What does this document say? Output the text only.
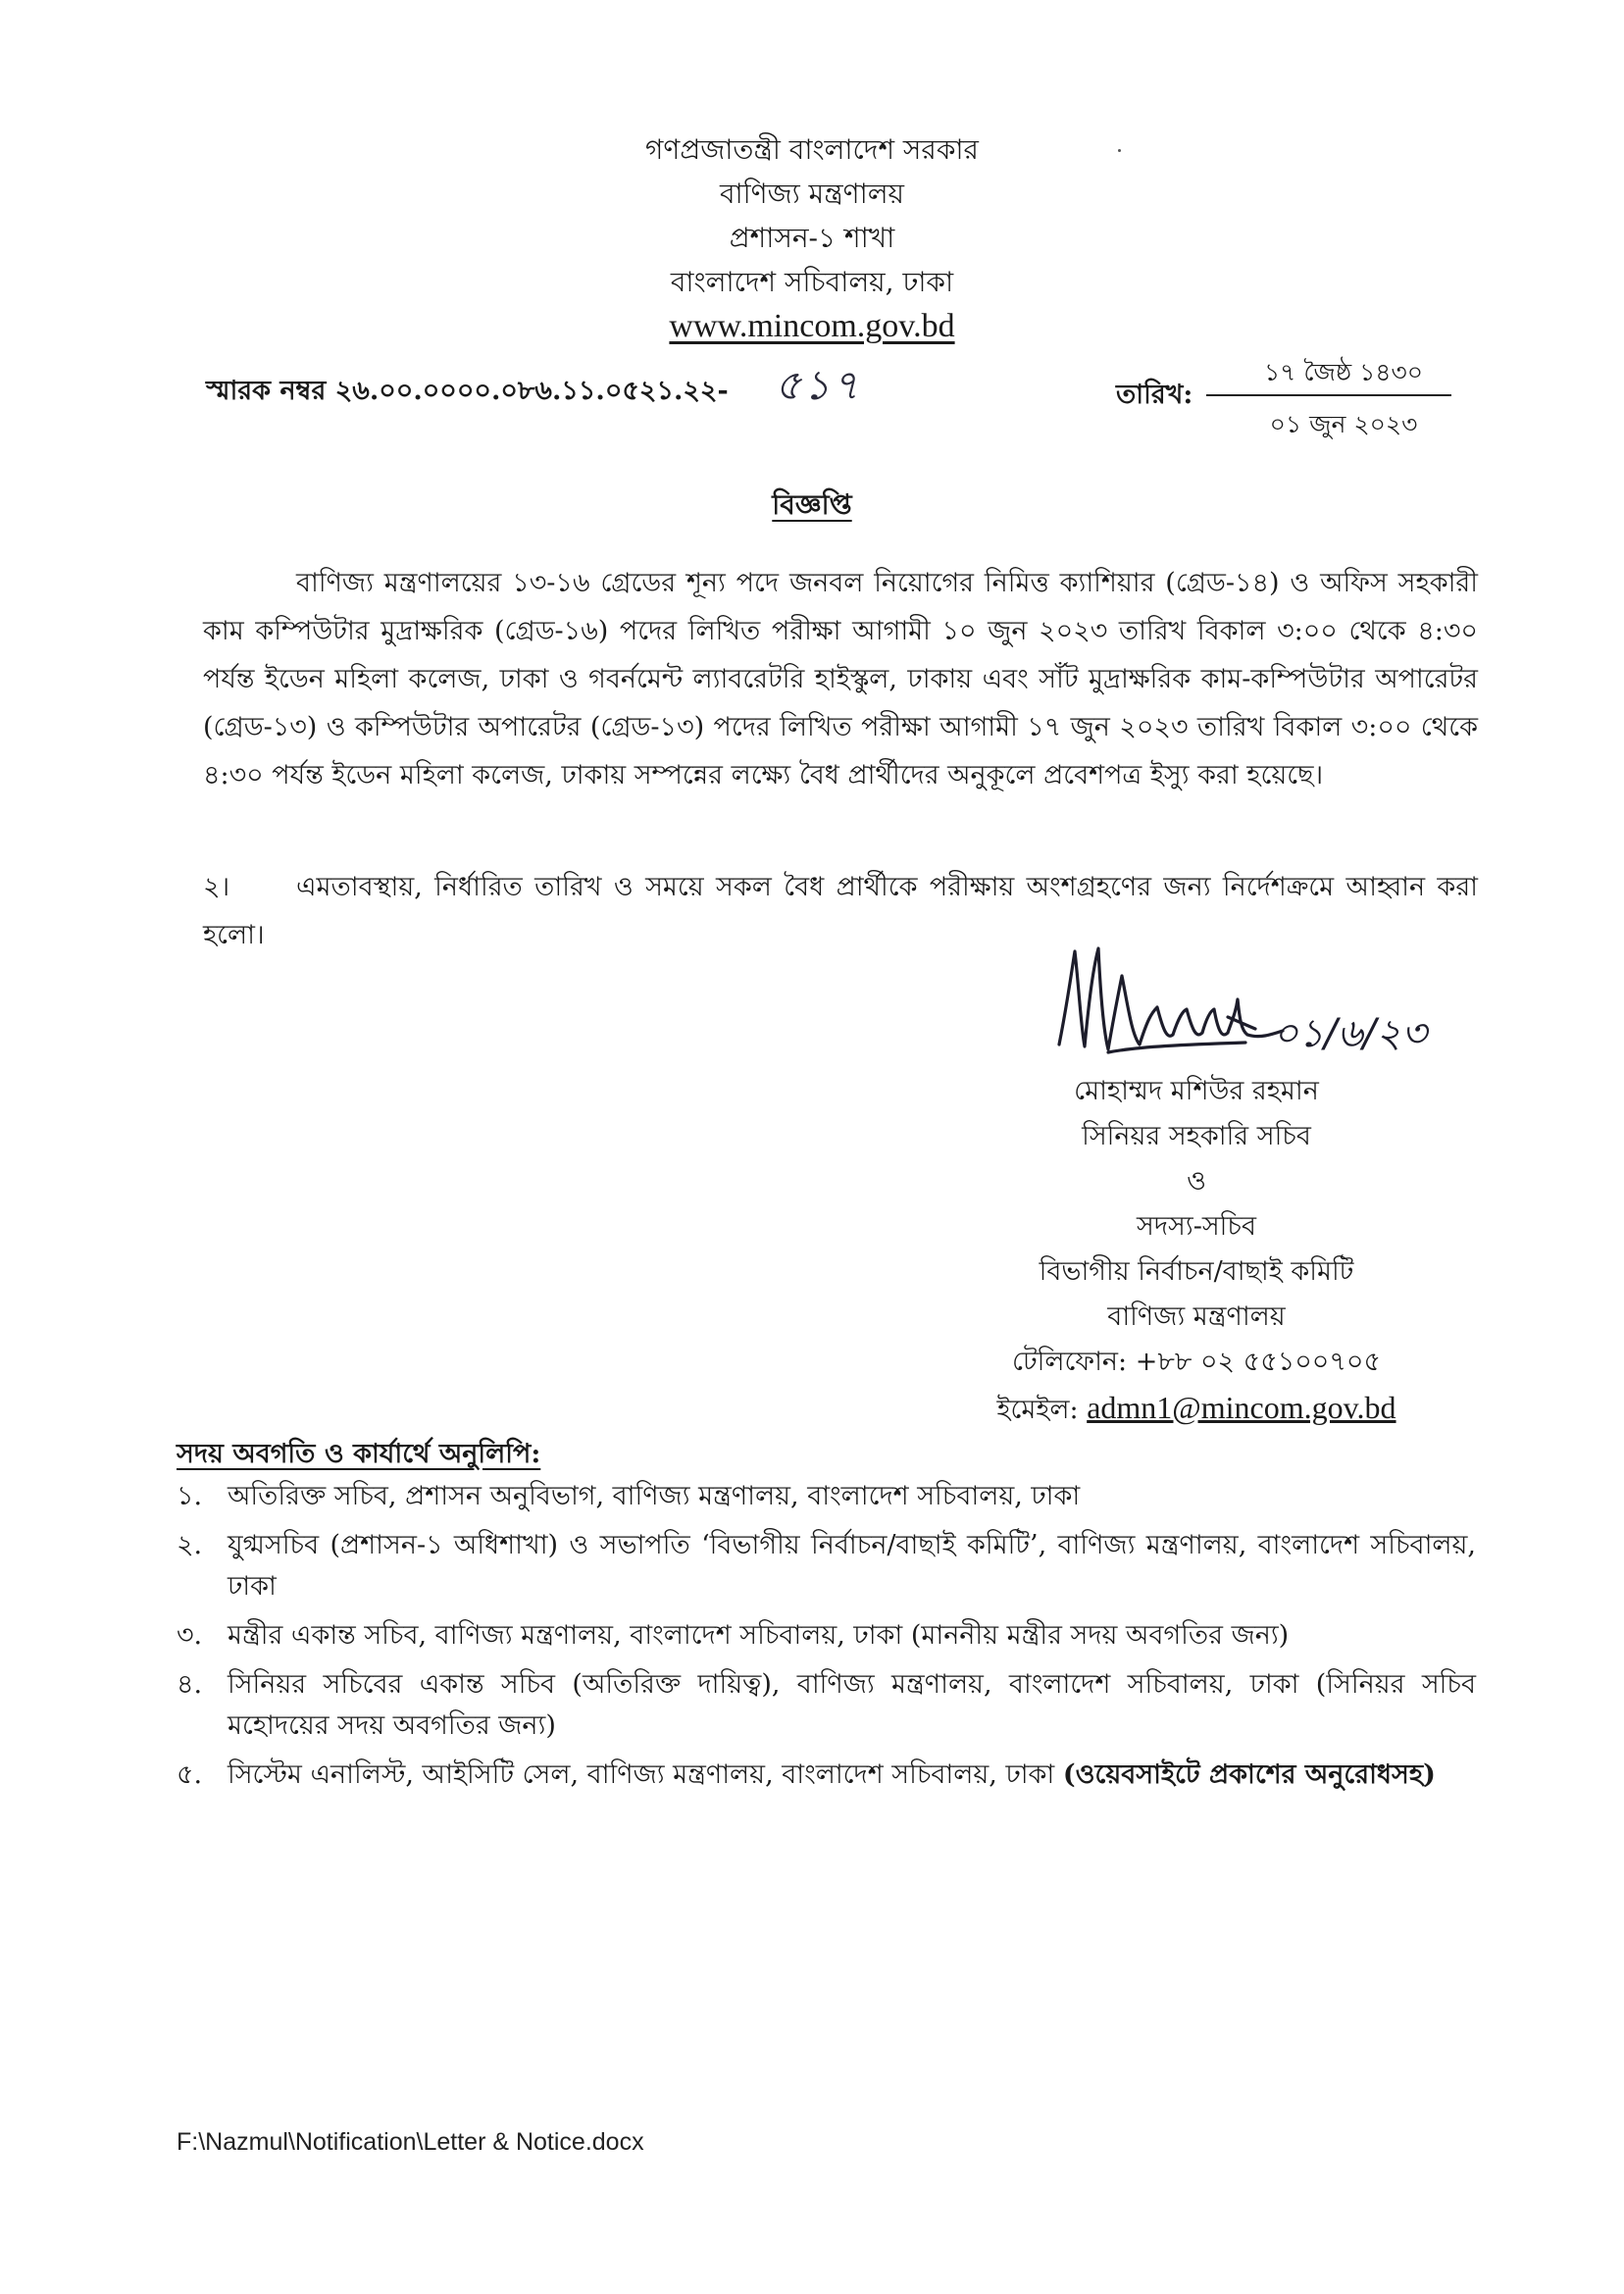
গণপ্রজাতন্ত্রী বাংলাদেশ সরকার
বাণিজ্য মন্ত্রণালয়
প্রশাসন-১ শাখা
বাংলাদেশ সচিবালয়, ঢাকা
www.mincom.gov.bd
স্মারক নম্বর ২৬.০০.০০০০.০৮৬.১১.০৫২১.২২- ৫১৭	তারিখ:
১৭ জৈষ্ঠ ১৪৩০
০১ জুন ২০২৩
বিজ্ঞপ্তি
বাণিজ্য মন্ত্রণালয়ের ১৩-১৬ গ্রেডের শূন্য পদে জনবল নিয়োগের নিমিত্ত ক্যাশিয়ার (গ্রেড-১৪) ও অফিস সহকারী কাম কম্পিউটার মুদ্রাক্ষরিক (গ্রেড-১৬) পদের লিখিত পরীক্ষা আগামী ১০ জুন ২০২৩ তারিখ বিকাল ৩:০০ থেকে ৪:৩০ পর্যন্ত ইডেন মহিলা কলেজ, ঢাকা ও গবর্নমেন্ট ল্যাবরেটরি হাইস্কুল, ঢাকায় এবং সাঁট মুদ্রাক্ষরিক কাম-কম্পিউটার অপারেটর (গ্রেড-১৩) ও কম্পিউটার অপারেটর (গ্রেড-১৩) পদের লিখিত পরীক্ষা আগামী ১৭ জুন ২০২৩ তারিখ বিকাল ৩:০০ থেকে ৪:৩০ পর্যন্ত ইডেন মহিলা কলেজ, ঢাকায় সম্পন্নের লক্ষ্যে বৈধ প্রার্থীদের অনুকূলে প্রবেশপত্র ইস্যু করা হয়েছে।
২।	এমতাবস্থায়, নির্ধারিত তারিখ ও সময়ে সকল বৈধ প্রার্থীকে পরীক্ষায় অংশগ্রহণের জন্য নির্দেশক্রমে আহ্বান করা হলো।
০১/৬/২৩
মোহাম্মদ মশিউর রহমান
সিনিয়র সহকারি সচিব
ও
সদস্য-সচিব
বিভাগীয় নির্বাচন/বাছাই কমিটি
বাণিজ্য মন্ত্রণালয়
টেলিফোন: +৮৮ ০২ ৫৫১০০৭০৫
ইমেইল: admn1@mincom.gov.bd
সদয় অবগতি ও কার্যার্থে অনুলিপি:
১. অতিরিক্ত সচিব, প্রশাসন অনুবিভাগ, বাণিজ্য মন্ত্রণালয়, বাংলাদেশ সচিবালয়, ঢাকা
২. যুগ্মসচিব (প্রশাসন-১ অধিশাখা) ও সভাপতি ‘বিভাগীয় নির্বাচন/বাছাই কমিটি’, বাণিজ্য মন্ত্রণালয়, বাংলাদেশ সচিবালয়, ঢাকা
৩. মন্ত্রীর একান্ত সচিব, বাণিজ্য মন্ত্রণালয়, বাংলাদেশ সচিবালয়, ঢাকা (মাননীয় মন্ত্রীর সদয় অবগতির জন্য)
৪. সিনিয়র সচিবের একান্ত সচিব (অতিরিক্ত দায়িত্ব), বাণিজ্য মন্ত্রণালয়, বাংলাদেশ সচিবালয়, ঢাকা (সিনিয়র সচিব মহোদয়ের সদয় অবগতির জন্য)
৫. সিস্টেম এনালিস্ট, আইসিটি সেল, বাণিজ্য মন্ত্রণালয়, বাংলাদেশ সচিবালয়, ঢাকা (ওয়েবসাইটে প্রকাশের অনুরোধসহ)
F:\Nazmul\Notification\Letter & Notice.docx
